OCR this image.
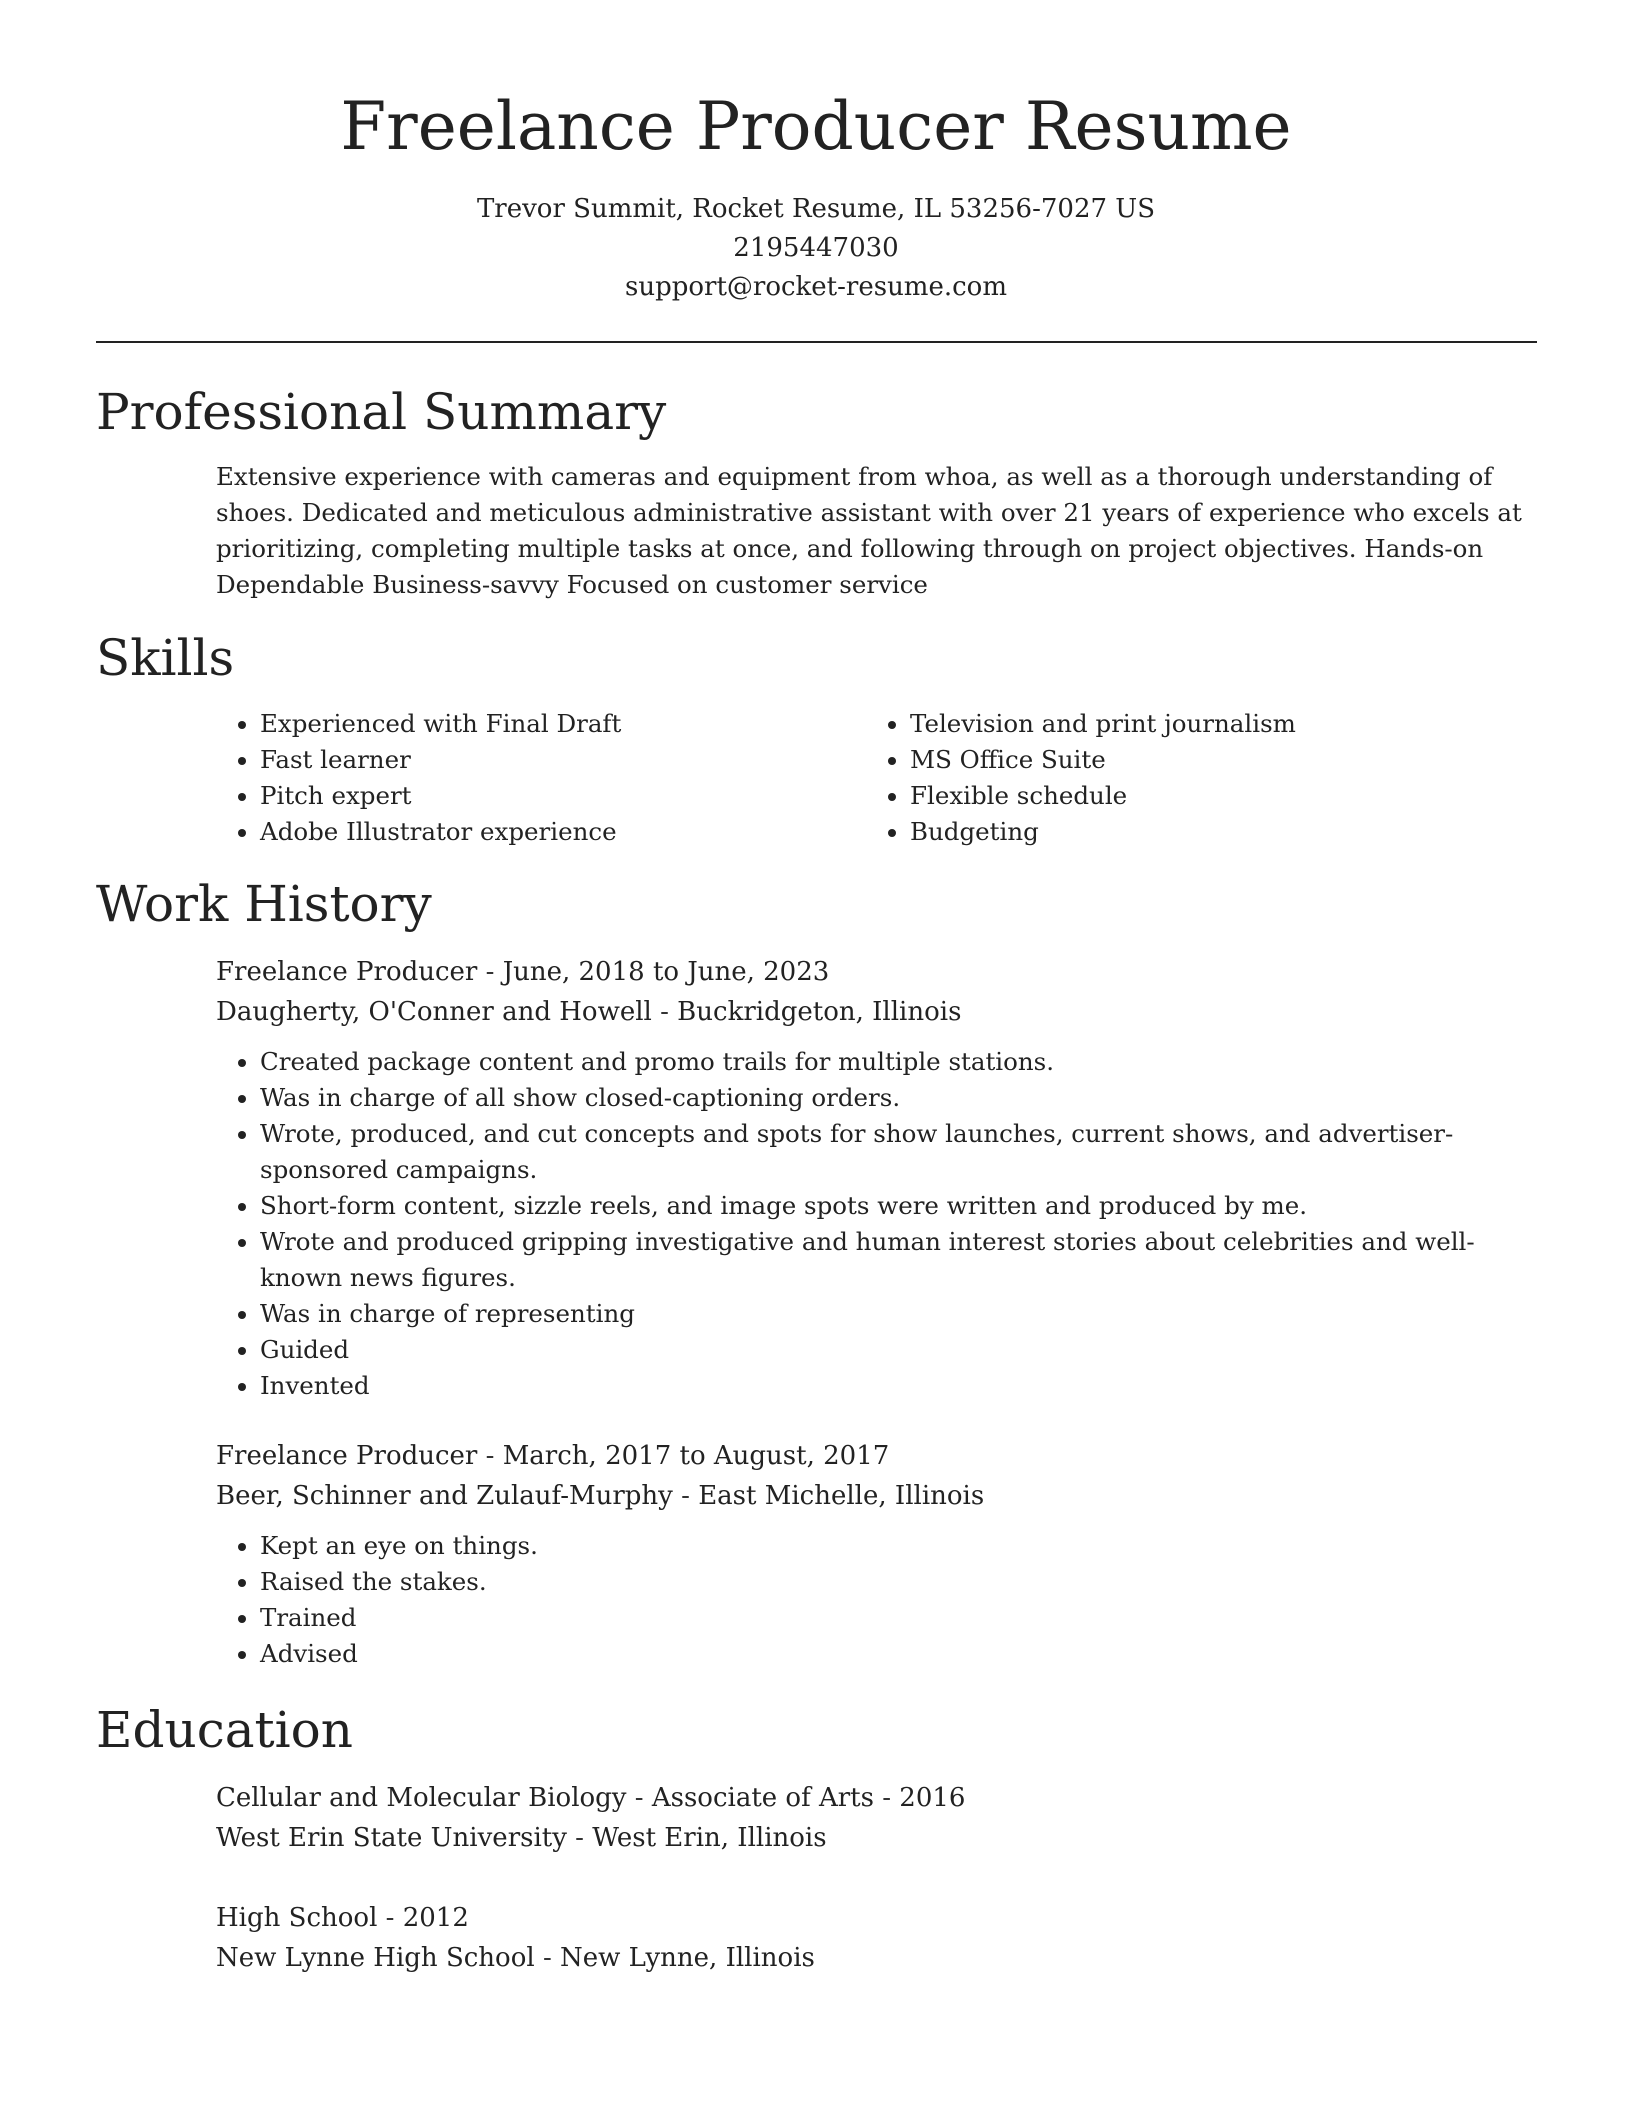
Freelance Producer Resume
Trevor Summit, Rocket Resume, IL 53256-7027 US
2195447030
support@rocket-resume.com
Professional Summary

Extensive experience with cameras and equipment from whoa, as well as a thorough understanding of shoes. Dedicated and meticulous administrative assistant with over 21 years of experience who excels at prioritizing, completing multiple tasks at once, and following through on project objectives. Hands-on Dependable Business-savvy Focused on customer service

Skills
• Experienced with Final Draft
• Fast learner
• Pitch expert
• Adobe Illustrator experience
• Television and print journalism
• MS Office Suite
• Flexible schedule
• Budgeting
Work History
Freelance Producer - June, 2018 to June, 2023
Daugherty, O'Conner and Howell - Buckridgeton, Illinois
• Created package content and promo trails for multiple stations.
• Was in charge of all show closed-captioning orders.
• Wrote, produced, and cut concepts and spots for show launches, current shows, and advertiser-sponsored campaigns.
• Short-form content, sizzle reels, and image spots were written and produced by me.
• Wrote and produced gripping investigative and human interest stories about celebrities and well-known news figures.
• Was in charge of representing
• Guided
• Invented
Freelance Producer - March, 2017 to August, 2017
Beer, Schinner and Zulauf-Murphy - East Michelle, Illinois
• Kept an eye on things.
• Raised the stakes.
• Trained
• Advised
Education
Cellular and Molecular Biology - Associate of Arts - 2016
West Erin State University - West Erin, Illinois
High School - 2012
New Lynne High School - New Lynne, Illinois
